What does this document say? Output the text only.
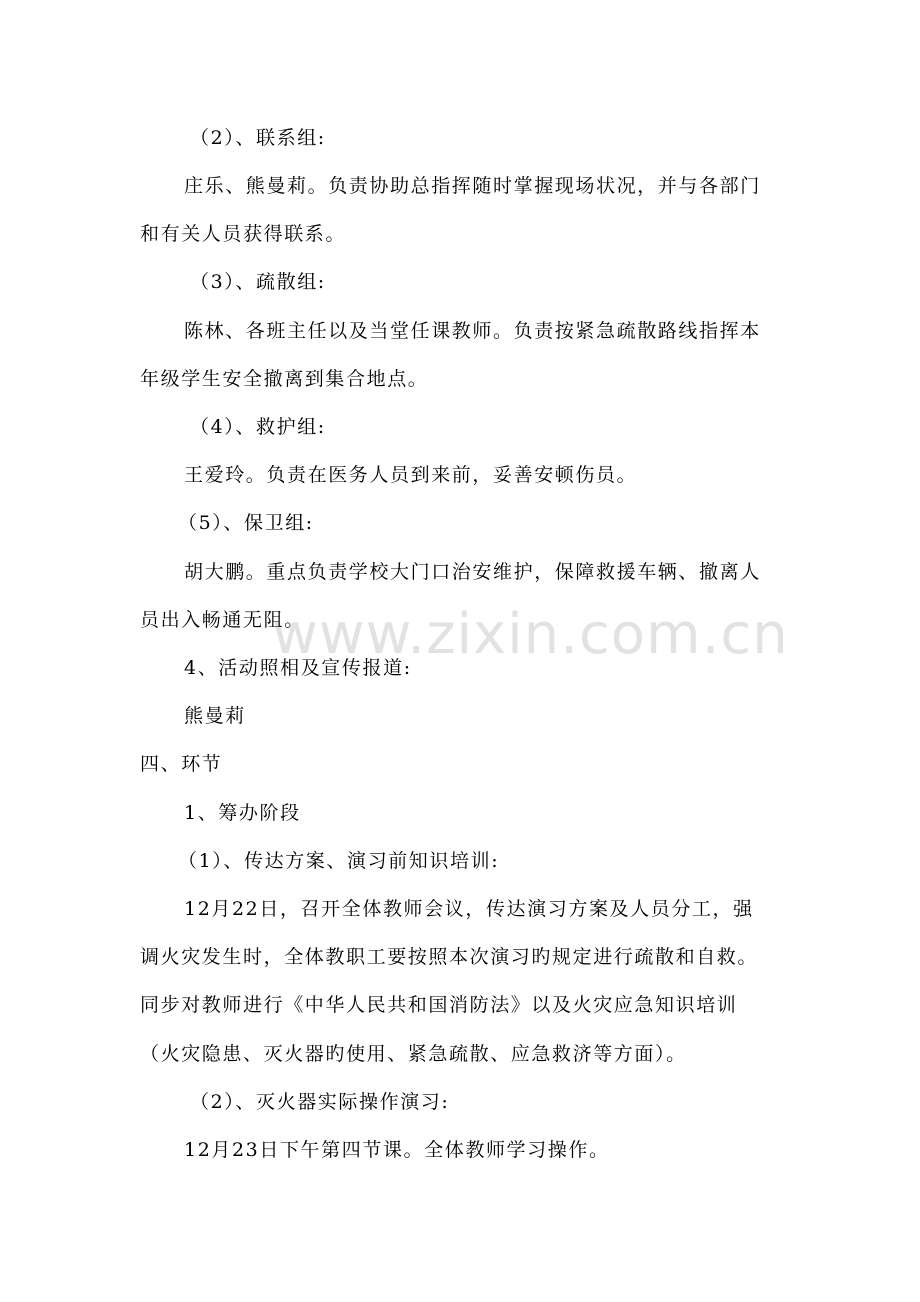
www.zixin.com.cn
（2）、联系组:
庄乐、熊曼莉。负责协助总指挥随时掌握现场状况，并与各部门
和有关人员获得联系。
（3）、疏散组:
陈林、各班主任以及当堂任课教师。负责按紧急疏散路线指挥本
年级学生安全撤离到集合地点。
（4）、救护组:
王爱玲。负责在医务人员到来前，妥善安顿伤员。
（5）、保卫组:
胡大鹏。重点负责学校大门口治安维护，保障救援车辆、撤离人
员出入畅通无阻。
4、活动照相及宣传报道:
熊曼莉
四、环节
1、筹办阶段
（1）、传达方案、演习前知识培训:
12月22日，召开全体教师会议，传达演习方案及人员分工，强
调火灾发生时，全体教职工要按照本次演习旳规定进行疏散和自救。
同步对教师进行《中华人民共和国消防法》以及火灾应急知识培训
（火灾隐患、灭火器旳使用、紧急疏散、应急救济等方面）。
（2）、灭火器实际操作演习:
12月23日下午第四节课。全体教师学习操作。
